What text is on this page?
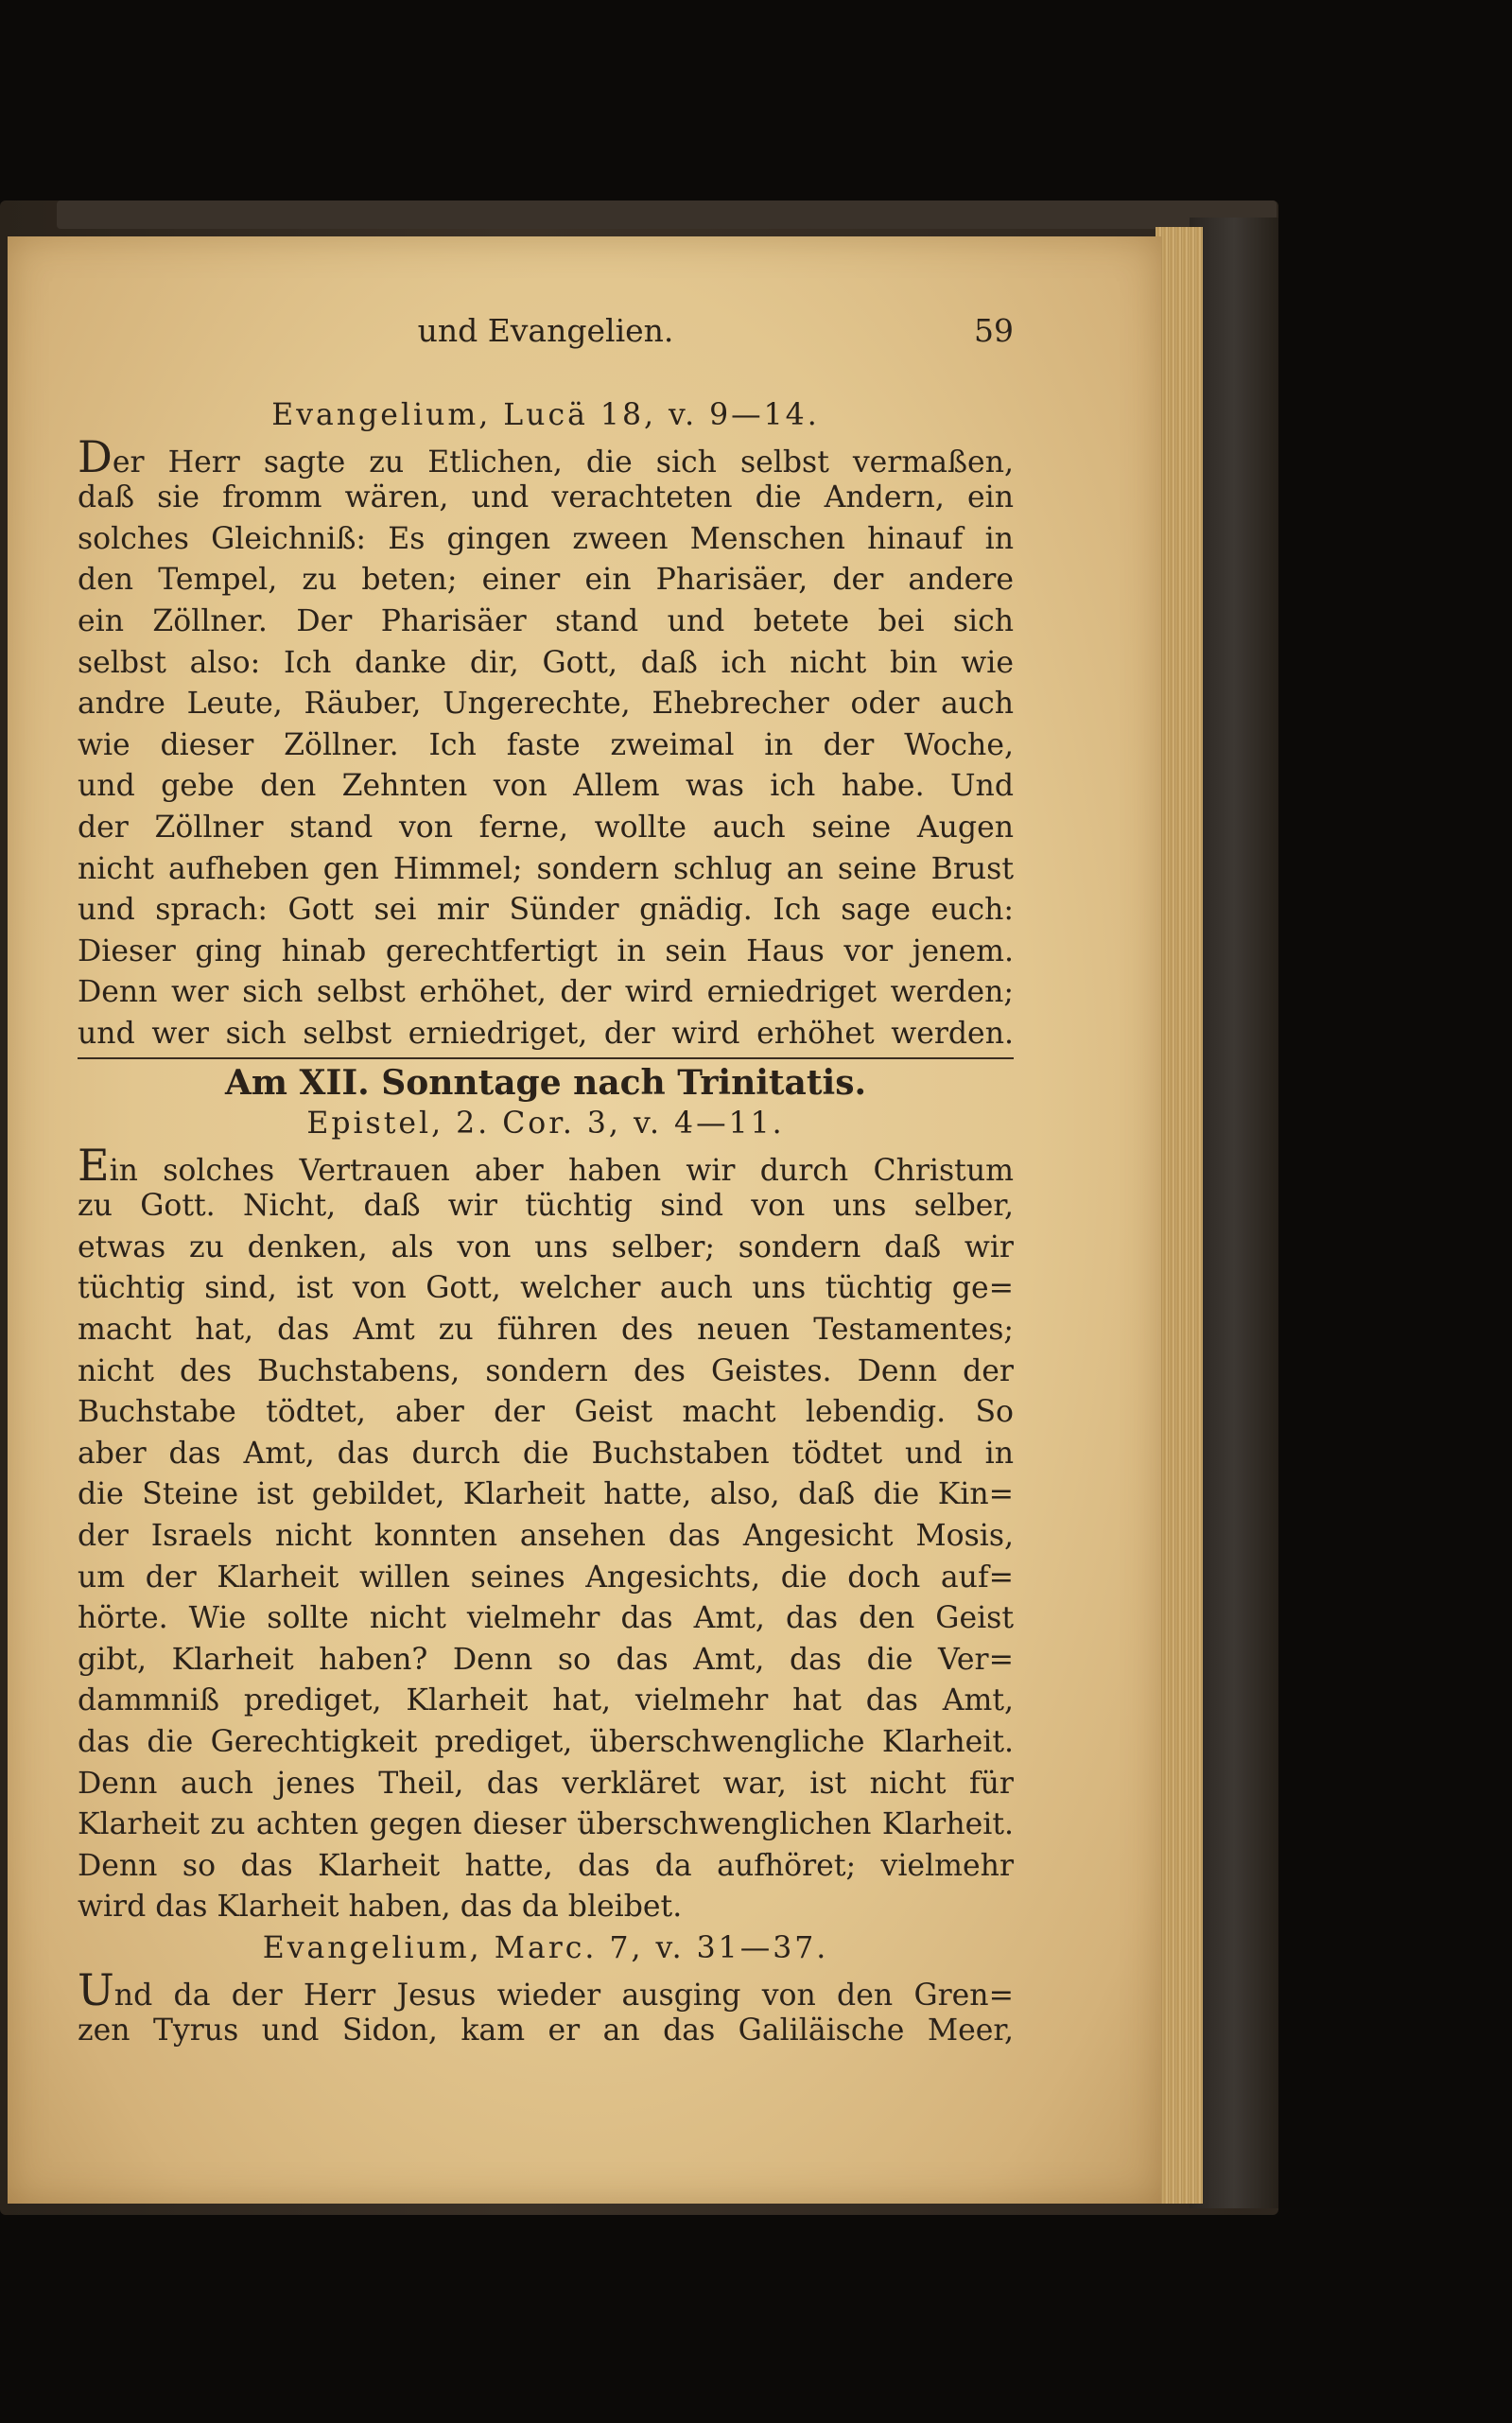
und Evangelien.	59
Evangelium, Lucä 18, v. 9—14.
Der Herr sagte zu Etlichen, die sich selbst vermaßen,
daß sie fromm wären, und verachteten die Andern, ein
solches Gleichniß: Es gingen zween Menschen hinauf in
den Tempel, zu beten; einer ein Pharisäer, der andere
ein Zöllner. Der Pharisäer stand und betete bei sich
selbst also: Ich danke dir, Gott, daß ich nicht bin wie
andre Leute, Räuber, Ungerechte, Ehebrecher oder auch
wie dieser Zöllner. Ich faste zweimal in der Woche,
und gebe den Zehnten von Allem was ich habe. Und
der Zöllner stand von ferne, wollte auch seine Augen
nicht aufheben gen Himmel; sondern schlug an seine Brust
und sprach: Gott sei mir Sünder gnädig. Ich sage euch:
Dieser ging hinab gerechtfertigt in sein Haus vor jenem.
Denn wer sich selbst erhöhet, der wird erniedriget werden;
und wer sich selbst erniedriget, der wird erhöhet werden.
Am XII. Sonntage nach Trinitatis.
Epistel, 2. Cor. 3, v. 4—11.
Ein solches Vertrauen aber haben wir durch Christum
zu Gott. Nicht, daß wir tüchtig sind von uns selber,
etwas zu denken, als von uns selber; sondern daß wir
tüchtig sind, ist von Gott, welcher auch uns tüchtig ge=
macht hat, das Amt zu führen des neuen Testamentes;
nicht des Buchstabens, sondern des Geistes. Denn der
Buchstabe tödtet, aber der Geist macht lebendig. So
aber das Amt, das durch die Buchstaben tödtet und in
die Steine ist gebildet, Klarheit hatte, also, daß die Kin=
der Israels nicht konnten ansehen das Angesicht Mosis,
um der Klarheit willen seines Angesichts, die doch auf=
hörte. Wie sollte nicht vielmehr das Amt, das den Geist
gibt, Klarheit haben? Denn so das Amt, das die Ver=
dammniß prediget, Klarheit hat, vielmehr hat das Amt,
das die Gerechtigkeit prediget, überschwengliche Klarheit.
Denn auch jenes Theil, das verkläret war, ist nicht für
Klarheit zu achten gegen dieser überschwenglichen Klarheit.
Denn so das Klarheit hatte, das da aufhöret; vielmehr
wird das Klarheit haben, das da bleibet.
Evangelium, Marc. 7, v. 31—37.
Und da der Herr Jesus wieder ausging von den Gren=
zen Tyrus und Sidon, kam er an das Galiläische Meer,
